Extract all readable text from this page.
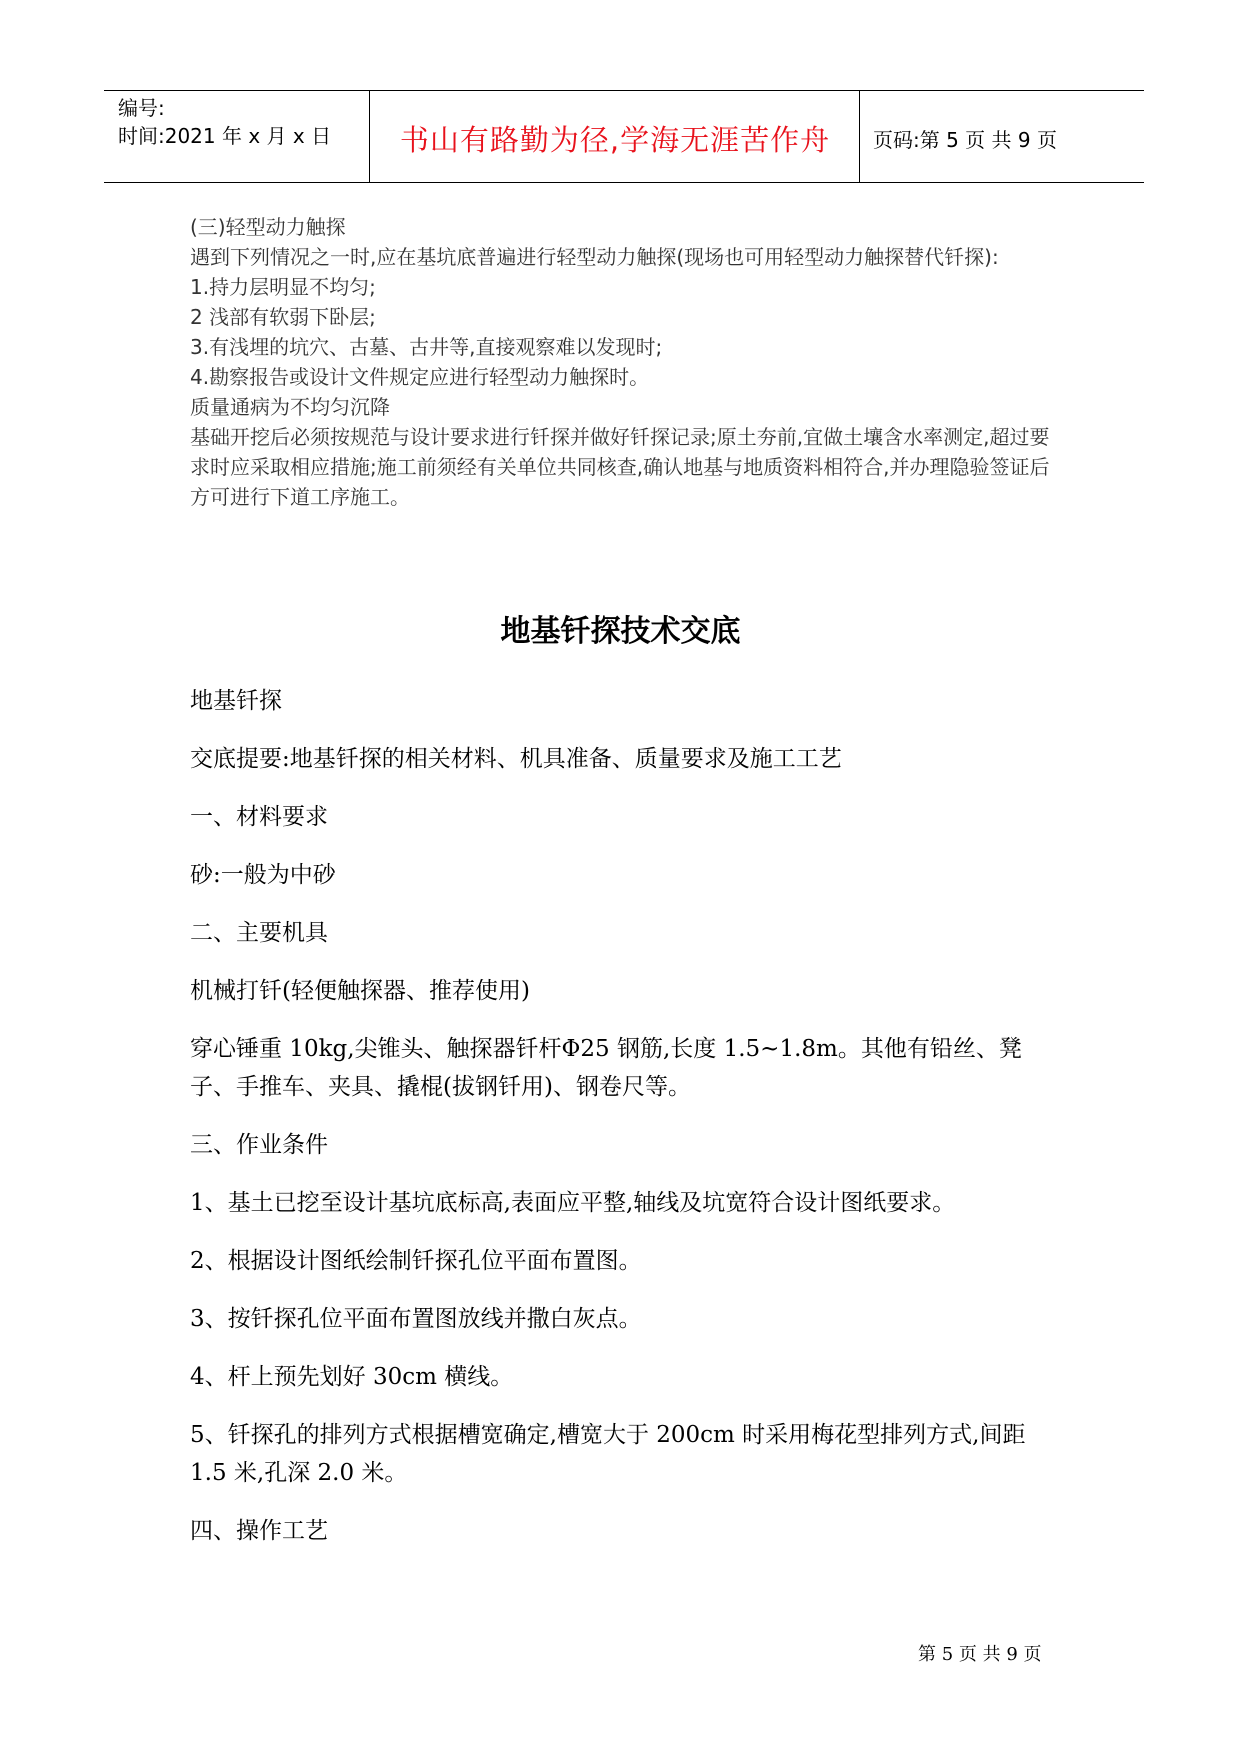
编号:
时间:2021 年 x 月 x 日	书山有路勤为径,学海无涯苦作舟	页码:第 5 页 共 9 页

(三)轻型动力触探

遇到下列情况之一时,应在基坑底普遍进行轻型动力触探(现场也可用轻型动力触探替代钎探):

1.持力层明显不均匀;

2 浅部有软弱下卧层;

3.有浅埋的坑穴、古墓、古井等,直接观察难以发现时;

4.勘察报告或设计文件规定应进行轻型动力触探时。

质量通病为不均匀沉降

基础开挖后必须按规范与设计要求进行钎探并做好钎探记录;原土夯前,宜做土壤含水率测定,超过要求时应采取相应措施;施工前须经有关单位共同核查,确认地基与地质资料相符合,并办理隐验签证后方可进行下道工序施工。

地基钎探技术交底

地基钎探

交底提要:地基钎探的相关材料、机具准备、质量要求及施工工艺

一、材料要求

砂:一般为中砂

二、主要机具

机械打钎(轻便触探器、推荐使用)

穿心锤重 10kg,尖锥头、触探器钎杆Φ25 钢筋,长度 1.5~1.8m。其他有铅丝、凳子、手推车、夹具、撬棍(拔钢钎用)、钢卷尺等。

三、作业条件

1、基土已挖至设计基坑底标高,表面应平整,轴线及坑宽符合设计图纸要求。

2、根据设计图纸绘制钎探孔位平面布置图。

3、按钎探孔位平面布置图放线并撒白灰点。

4、杆上预先划好 30cm 横线。

5、钎探孔的排列方式根据槽宽确定,槽宽大于 200cm 时采用梅花型排列方式,间距 1.5 米,孔深 2.0 米。

四、操作工艺

第 5 页 共 9 页
